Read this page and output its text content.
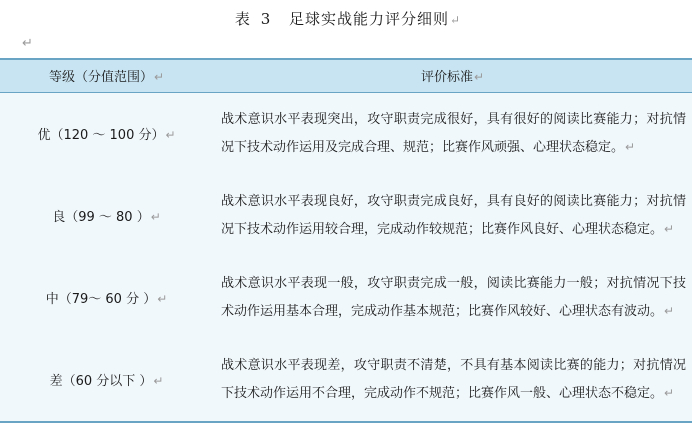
表 3 足球实战能力评分细则↵
↵
等级（分值范围）↵	评价标准↵
优（120 ～ 100 分）↵	战术意识水平表现突出，攻守职责完成很好，具有很好的阅读比赛能力；对抗情况下技术动作运用及完成合理、规范；比赛作风顽强、心理状态稳定。↵
良（99 ～ 80 ）↵	战术意识水平表现良好，攻守职责完成良好，具有良好的阅读比赛能力；对抗情况下技术动作运用较合理，完成动作较规范；比赛作风良好、心理状态稳定。↵
中（79～ 60 分 ）↵	战术意识水平表现一般，攻守职责完成一般，阅读比赛能力一般；对抗情况下技术动作运用基本合理，完成动作基本规范；比赛作风较好、心理状态有波动。↵
差（60 分以下 ）↵	战术意识水平表现差，攻守职责不清楚，不具有基本阅读比赛的能力；对抗情况下技术动作运用不合理，完成动作不规范；比赛作风一般、心理状态不稳定。↵
